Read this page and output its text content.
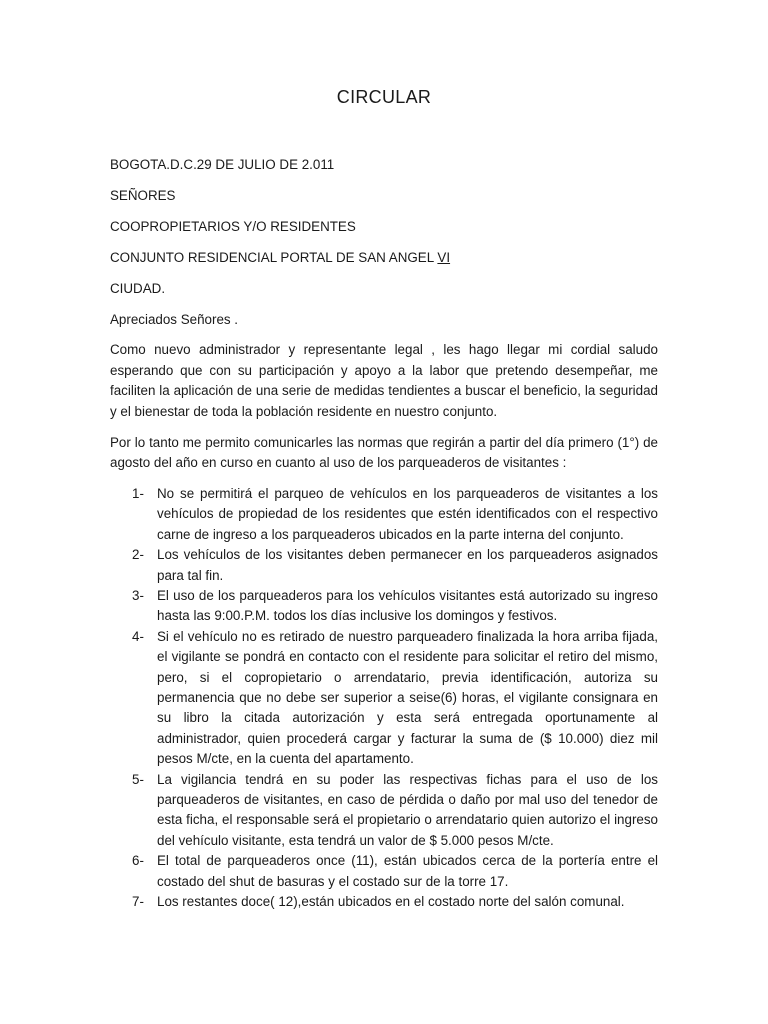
CIRCULAR

BOGOTA.D.C.29 DE JULIO DE 2.011

SEÑORES

COOPROPIETARIOS Y/O RESIDENTES

CONJUNTO RESIDENCIAL PORTAL DE SAN ANGEL VI

CIUDAD.

Apreciados Señores .

Como nuevo administrador y representante legal , les hago llegar mi cordial saludo esperando que con su participación y apoyo a la labor que pretendo desempeñar, me faciliten la aplicación de una serie de medidas tendientes a buscar el beneficio, la seguridad y el bienestar de toda la población residente en nuestro conjunto.

Por lo tanto me permito comunicarles las normas que regirán a partir del día primero (1°) de agosto del año en curso en cuanto al uso de los parqueaderos de visitantes :

1- No se permitirá el parqueo de vehículos en los parqueaderos de visitantes a los vehículos de propiedad de los residentes que estén identificados con el respectivo carne de ingreso a los parqueaderos ubicados en la parte interna del conjunto.
2- Los vehículos de los visitantes deben permanecer en los parqueaderos asignados para tal fin.
3- El uso de los parqueaderos para los vehículos visitantes está autorizado su ingreso hasta las 9:00.P.M. todos los días inclusive los domingos y festivos.
4- Si el vehículo no es retirado de nuestro parqueadero finalizada la hora arriba fijada, el vigilante se pondrá en contacto con el residente para solicitar el retiro del mismo, pero, si el copropietario o arrendatario, previa identificación, autoriza su permanencia que no debe ser superior a seise(6) horas, el vigilante consignara en su libro la citada autorización y esta será entregada oportunamente al administrador, quien procederá cargar y facturar la suma de ($ 10.000) diez mil pesos M/cte, en la cuenta del apartamento.
5- La vigilancia tendrá en su poder las respectivas fichas para el uso de los parqueaderos de visitantes, en caso de pérdida o daño por mal uso del tenedor de esta ficha, el responsable será el propietario o arrendatario quien autorizo el ingreso del vehículo visitante, esta tendrá un valor de $ 5.000 pesos M/cte.
6- El total de parqueaderos once (11), están ubicados cerca de la portería entre el costado del shut de basuras y el costado sur de la torre 17.
7- Los restantes doce( 12),están ubicados en el costado norte del salón comunal.
